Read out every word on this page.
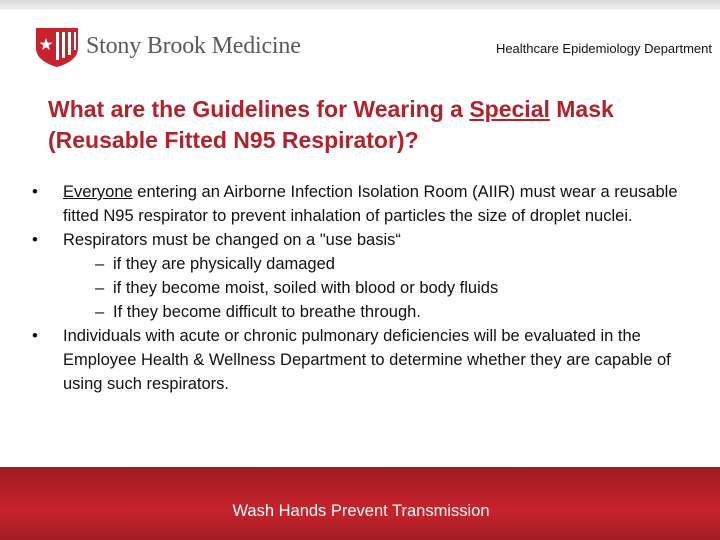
Stony Brook Medicine	Healthcare Epidemiology Department
What are the Guidelines for Wearing a Special Mask (Reusable Fitted N95 Respirator)?
• Everyone entering an Airborne Infection Isolation Room (AIIR) must wear a reusable fitted N95 respirator to prevent inhalation of particles the size of droplet nuclei.
• Respirators must be changed on a "use basis“
– if they are physically damaged
– if they become moist, soiled with blood or body fluids
– If they become difficult to breathe through.
• Individuals with acute or chronic pulmonary deficiencies will be evaluated in the Employee Health & Wellness Department to determine whether they are capable of using such respirators.
Wash Hands Prevent Transmission
